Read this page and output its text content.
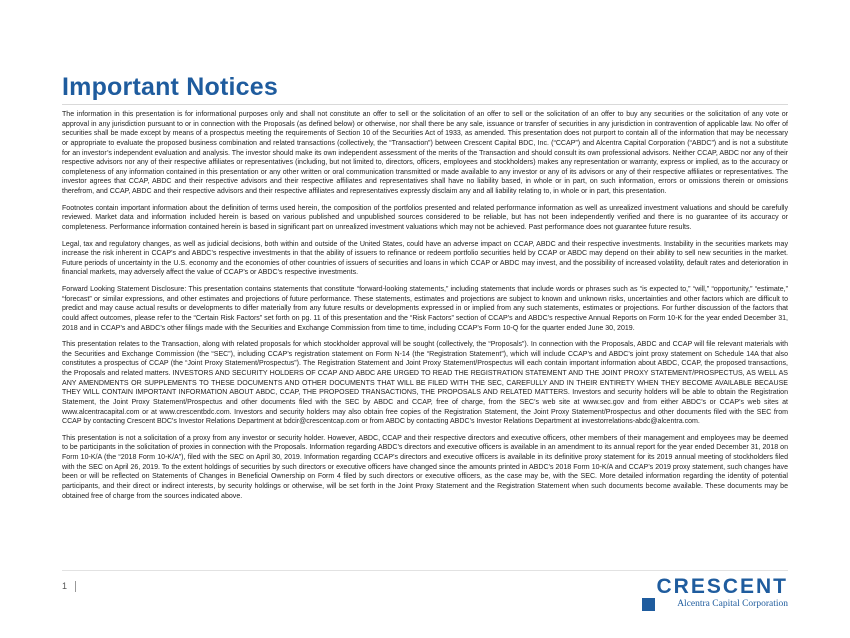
Important Notices

The information in this presentation is for informational purposes only and shall not constitute an offer to sell or the solicitation of an offer to sell or the solicitation of an offer to buy any securities or the solicitation of any vote or approval in any jurisdiction pursuant to or in connection with the Proposals (as defined below) or otherwise, nor shall there be any sale, issuance or transfer of securities in any jurisdiction in contravention of applicable law. No offer of securities shall be made except by means of a prospectus meeting the requirements of Section 10 of the Securities Act of 1933, as amended. This presentation does not purport to contain all of the information that may be necessary or appropriate to evaluate the proposed business combination and related transactions (collectively, the “Transaction”) between Crescent Capital BDC, Inc. (“CCAP”) and Alcentra Capital Corporation (“ABDC”) and is not a substitute for an investor’s independent evaluation and analysis. The investor should make its own independent assessment of the merits of the Transaction and should consult its own professional advisors. Neither CCAP, ABDC nor any of their respective advisors nor any of their respective affiliates or representatives (including, but not limited to, directors, officers, employees and stockholders) makes any representation or warranty, express or implied, as to the accuracy or completeness of any information contained in this presentation or any other written or oral communication transmitted or made available to any investor or any of its advisors or any of their respective affiliates or representatives. The investor agrees that CCAP, ABDC and their respective advisors and their respective affiliates and representatives shall have no liability based, in whole or in part, on such information, errors or omissions therein or omissions therefrom, and CCAP, ABDC and their respective advisors and their respective affiliates and representatives expressly disclaim any and all liability relating to, in whole or in part, this presentation.

Footnotes contain important information about the definition of terms used herein, the composition of the portfolios presented and related performance information as well as unrealized investment valuations and should be carefully reviewed. Market data and information included herein is based on various published and unpublished sources considered to be reliable, but has not been independently verified and there is no guarantee of its accuracy or completeness. Performance information contained herein is based in significant part on unrealized investment valuations which may not be achieved. Past performance does not guarantee future results.

Legal, tax and regulatory changes, as well as judicial decisions, both within and outside of the United States, could have an adverse impact on CCAP, ABDC and their respective investments. Instability in the securities markets may increase the risk inherent in CCAP’s and ABDC’s respective investments in that the ability of issuers to refinance or redeem portfolio securities held by CCAP or ABDC may depend on their ability to sell new securities in the market. Future periods of uncertainty in the U.S. economy and the economies of other countries of issuers of securities and loans in which CCAP or ABDC may invest, and the possibility of increased volatility, default rates and deterioration in financial markets, may adversely affect the value of CCAP’s or ABDC’s respective investments.

Forward Looking Statement Disclosure: This presentation contains statements that constitute “forward-looking statements,” including statements that include words or phrases such as “is expected to,” “will,” “opportunity,” “estimate,” “forecast” or similar expressions, and other estimates and projections of future performance. These statements, estimates and projections are subject to known and unknown risks, uncertainties and other factors which are difficult to predict and may cause actual results or developments to differ materially from any future results or developments expressed in or implied from any such statements, estimates or projections. For further discussion of the factors that could affect outcomes, please refer to the “Certain Risk Factors” set forth on pg. 11 of this presentation and the “Risk Factors” section of CCAP’s and ABDC’s respective Annual Reports on Form 10-K for the year ended December 31, 2018 and in CCAP’s and ABDC’s other filings made with the Securities and Exchange Commission from time to time, including CCAP’s Form 10-Q for the quarter ended June 30, 2019.

This presentation relates to the Transaction, along with related proposals for which stockholder approval will be sought (collectively, the “Proposals”). In connection with the Proposals, ABDC and CCAP will file relevant materials with the Securities and Exchange Commission (the “SEC”), including CCAP’s registration statement on Form N-14 (the “Registration Statement”), which will include CCAP’s and ABDC’s joint proxy statement on Schedule 14A that also constitutes a prospectus of CCAP (the “Joint Proxy Statement/Prospectus”). The Registration Statement and Joint Proxy Statement/Prospectus will each contain important information about ABDC, CCAP, the proposed transactions, the Proposals and related matters. INVESTORS AND SECURITY HOLDERS OF CCAP AND ABDC ARE URGED TO READ THE REGISTRATION STATEMENT AND THE JOINT PROXY STATEMENT/PROSPECTUS, AS WELL AS ANY AMENDMENTS OR SUPPLEMENTS TO THESE DOCUMENTS AND OTHER DOCUMENTS THAT WILL BE FILED WITH THE SEC, CAREFULLY AND IN THEIR ENTIRETY WHEN THEY BECOME AVAILABLE BECAUSE THEY WILL CONTAIN IMPORTANT INFORMATION ABOUT ABDC, CCAP, THE PROPOSED TRANSACTIONS, THE PROPOSALS AND RELATED MATTERS. Investors and security holders will be able to obtain the Registration Statement, the Joint Proxy Statement/Prospectus and other documents filed with the SEC by ABDC and CCAP, free of charge, from the SEC’s web site at www.sec.gov and from either ABDC’s or CCAP’s web sites at www.alcentracapital.com or at www.crescentbdc.com. Investors and security holders may also obtain free copies of the Registration Statement, the Joint Proxy Statement/Prospectus and other documents filed with the SEC from CCAP by contacting Crescent BDC’s Investor Relations Department at bdcir@crescentcap.com or from ABDC by contacting ABDC’s Investor Relations Department at investorrelations-abdc@alcentra.com.

This presentation is not a solicitation of a proxy from any investor or security holder. However, ABDC, CCAP and their respective directors and executive officers, other members of their management and employees may be deemed to be participants in the solicitation of proxies in connection with the Proposals. Information regarding ABDC’s directors and executive officers is available in an amendment to its annual report for the year ended December 31, 2018 on Form 10-K/A (the “2018 Form 10-K/A”), filed with the SEC on April 30, 2019. Information regarding CCAP’s directors and executive officers is available in its definitive proxy statement for its 2019 annual meeting of stockholders filed with the SEC on April 26, 2019. To the extent holdings of securities by such directors or executive officers have changed since the amounts printed in ABDC’s 2018 Form 10-K/A and CCAP’s 2019 proxy statement, such changes have been or will be reflected on Statements of Changes in Beneficial Ownership on Form 4 filed by such directors or executive officers, as the case may be, with the SEC. More detailed information regarding the identity of potential participants, and their direct or indirect interests, by security holdings or otherwise, will be set forth in the Joint Proxy Statement and the Registration Statement when such documents become available. These documents may be obtained free of charge from the sources indicated above.

1	CRESCENT
Alcentra Capital Corporation
